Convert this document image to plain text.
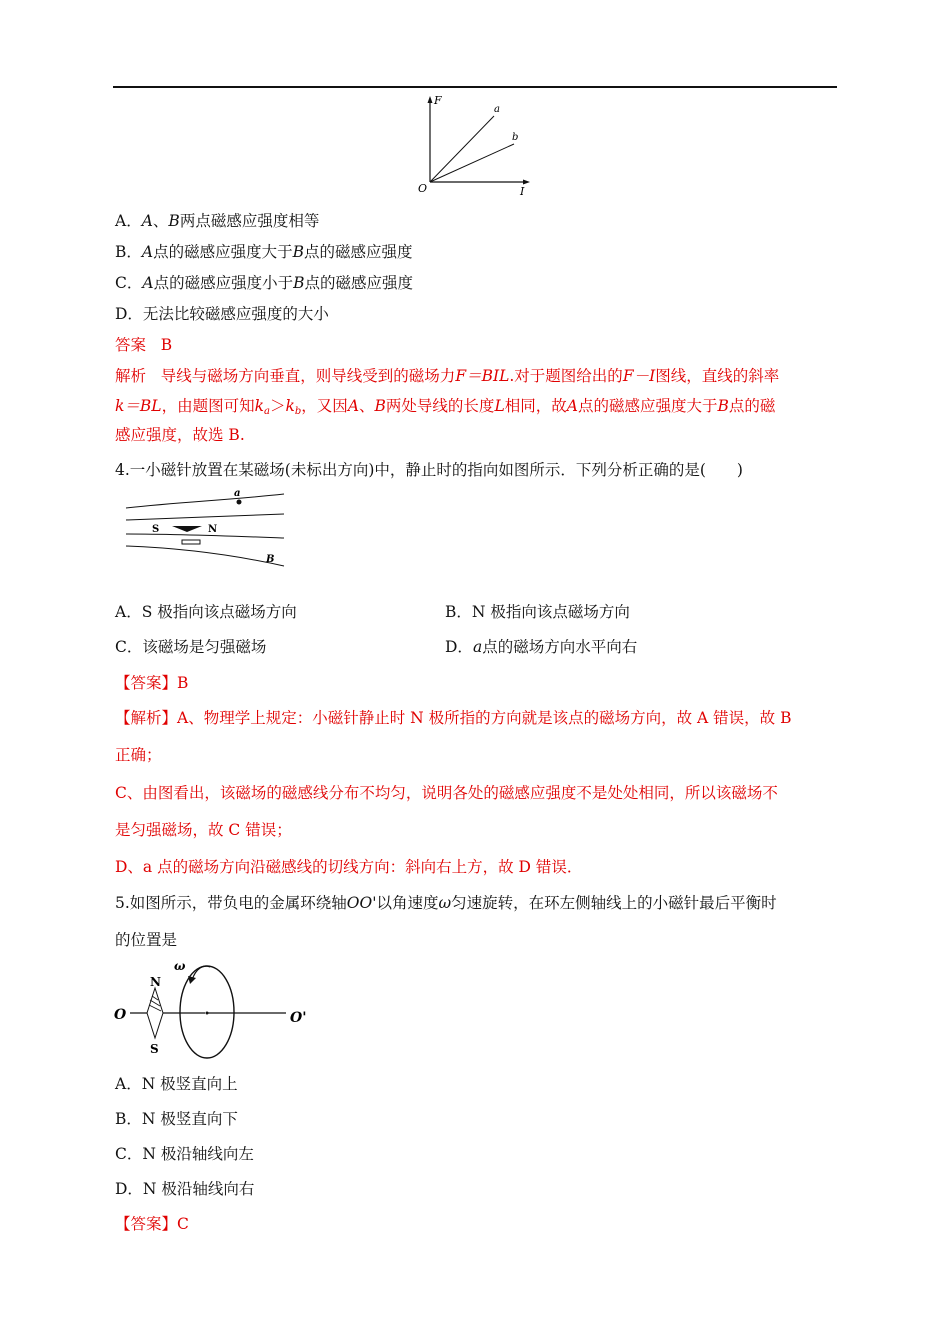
F
I
O
a
b
A．A、B两点磁感应强度相等
B．A点的磁感应强度大于B点的磁感应强度
C．A点的磁感应强度小于B点的磁感应强度
D．无法比较磁感应强度的大小
答案 B
解析 导线与磁场方向垂直，则导线受到的磁场力F＝BIL.对于题图给出的F－I图线，直线的斜率
k＝BL，由题图可知$k_a>k_b$，又因A、B两处导线的长度L相同，故A点的磁感应强度大于B点的磁
感应强度，故选 B.
4.一小磁针放置在某磁场(未标出方向)中，静止时的指向如图所示．下列分析正确的是(　　)
a
S	N
B
A．S 极指向该点磁场方向	B．N 极指向该点磁场方向
C．该磁场是匀强磁场	D．a点的磁场方向水平向右
【答案】B
【解析】A、物理学上规定：小磁针静止时 N 极所指的方向就是该点的磁场方向，故 A 错误，故 B
正确；
C、由图看出，该磁场的磁感线分布不均匀，说明各处的磁感应强度不是处处相同，所以该磁场不
是匀强磁场，故 C 错误；
D、a 点的磁场方向沿磁感线的切线方向：斜向右上方，故 D 错误．
5.如图所示，带负电的金属环绕轴OO'以角速度ω匀速旋转，在环左侧轴线上的小磁针最后平衡时
的位置是
ω
N
S
O	O'
A．N 极竖直向上
B．N 极竖直向下
C．N 极沿轴线向左
D．N 极沿轴线向右
【答案】C
